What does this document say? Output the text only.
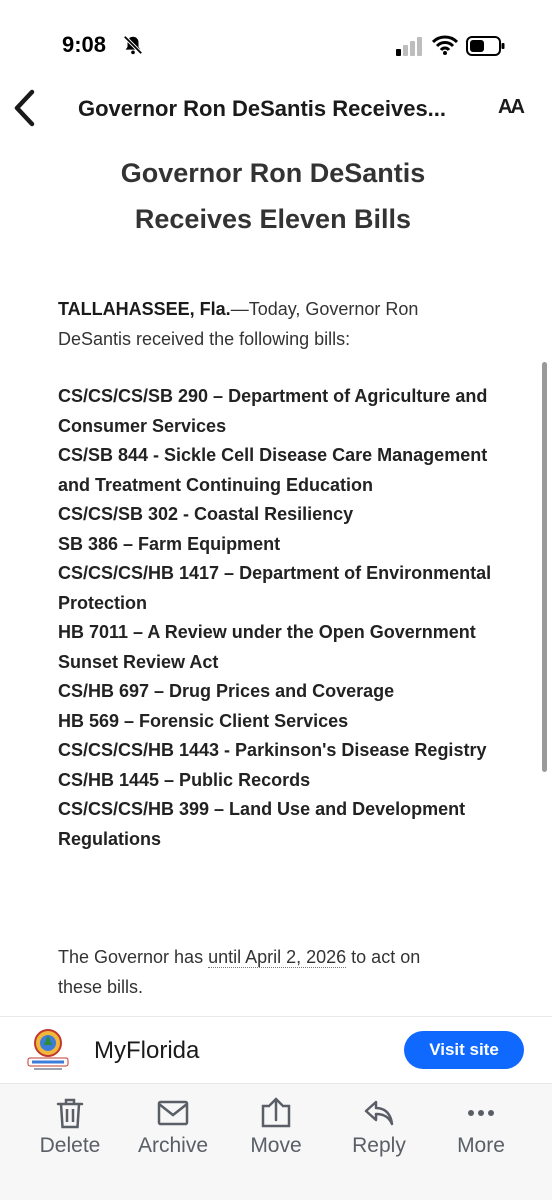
9:08
Governor Ron DeSantis Receives...	AA
Governor Ron DeSantis
Receives Eleven Bills
TALLAHASSEE, Fla.—Today, Governor Ron DeSantis received the following bills:
CS/CS/CS/SB 290 – Department of Agriculture and Consumer Services
CS/SB 844 - Sickle Cell Disease Care Management and Treatment Continuing Education
CS/CS/SB 302 - Coastal Resiliency
SB 386 – Farm Equipment
CS/CS/CS/HB 1417 – Department of Environmental Protection
HB 7011 – A Review under the Open Government Sunset Review Act
CS/HB 697 – Drug Prices and Coverage
HB 569 – Forensic Client Services
CS/CS/CS/HB 1443 - Parkinson's Disease Registry
CS/HB 1445 – Public Records
CS/CS/CS/HB 399 – Land Use and Development Regulations
The Governor has until April 2, 2026 to act on these bills.
MyFlorida	Visit site
Delete	Archive	Move	Reply	More
